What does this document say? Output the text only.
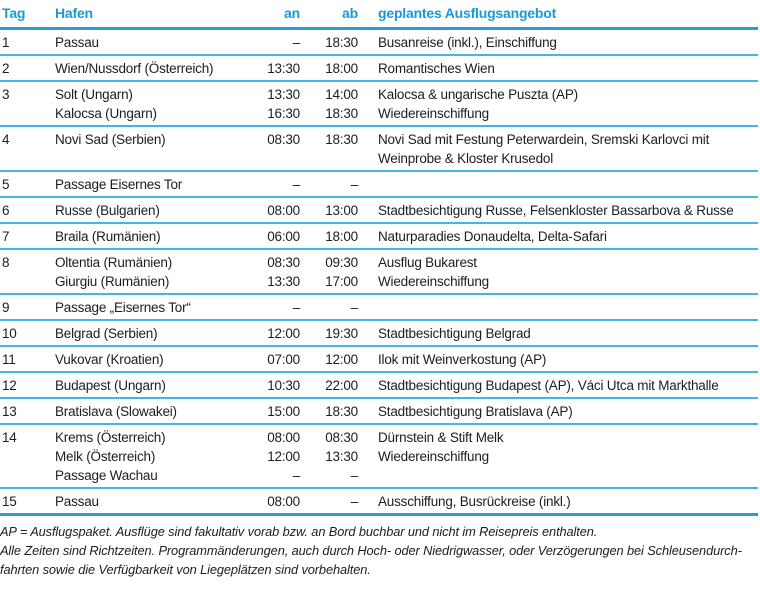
Tag	Hafen	an	ab	geplantes Ausflugsangebot
1	Passau	–	18:30	Busanreise (inkl.), Einschiffung
2	Wien/Nussdorf (Österreich)	13:30	18:00	Romantisches Wien
3	Solt (Ungarn)	13:30	14:00	Kalocsa & ungarische Puszta (AP)
Kalocsa (Ungarn)	16:30	18:30	Wiedereinschiffung
4	Novi Sad (Serbien)	08:30	18:30	Novi Sad mit Festung Peterwardein, Sremski Karlovci mit Weinprobe & Kloster Krusedol
5	Passage Eisernes Tor	–	–
6	Russe (Bulgarien)	08:00	13:00	Stadtbesichtigung Russe, Felsenkloster Bassarbova & Russe
7	Braila (Rumänien)	06:00	18:00	Naturparadies Donaudelta, Delta-Safari
8	Oltentia (Rumänien)	08:30	09:30	Ausflug Bukarest
Giurgiu (Rumänien)	13:30	17:00	Wiedereinschiffung
9	Passage „Eisernes Tor“	–	–
10	Belgrad (Serbien)	12:00	19:30	Stadtbesichtigung Belgrad
11	Vukovar (Kroatien)	07:00	12:00	Ilok mit Weinverkostung (AP)
12	Budapest (Ungarn)	10:30	22:00	Stadtbesichtigung Budapest (AP), Váci Utca mit Markthalle
13	Bratislava (Slowakei)	15:00	18:30	Stadtbesichtigung Bratislava (AP)
14	Krems (Österreich)	08:00	08:30	Dürnstein & Stift Melk
Melk (Österreich)	12:00	13:30	Wiedereinschiffung
Passage Wachau	–	–
15	Passau	08:00	–	Ausschiffung, Busrückreise (inkl.)

AP = Ausflugspaket. Ausflüge sind fakultativ vorab bzw. an Bord buchbar und nicht im Reisepreis enthalten.

Alle Zeiten sind Richtzeiten. Programmänderungen, auch durch Hoch- oder Niedrigwasser, oder Verzögerungen bei Schleusendurchfahrten sowie die Verfügbarkeit von Liegeplätzen sind vorbehalten.
